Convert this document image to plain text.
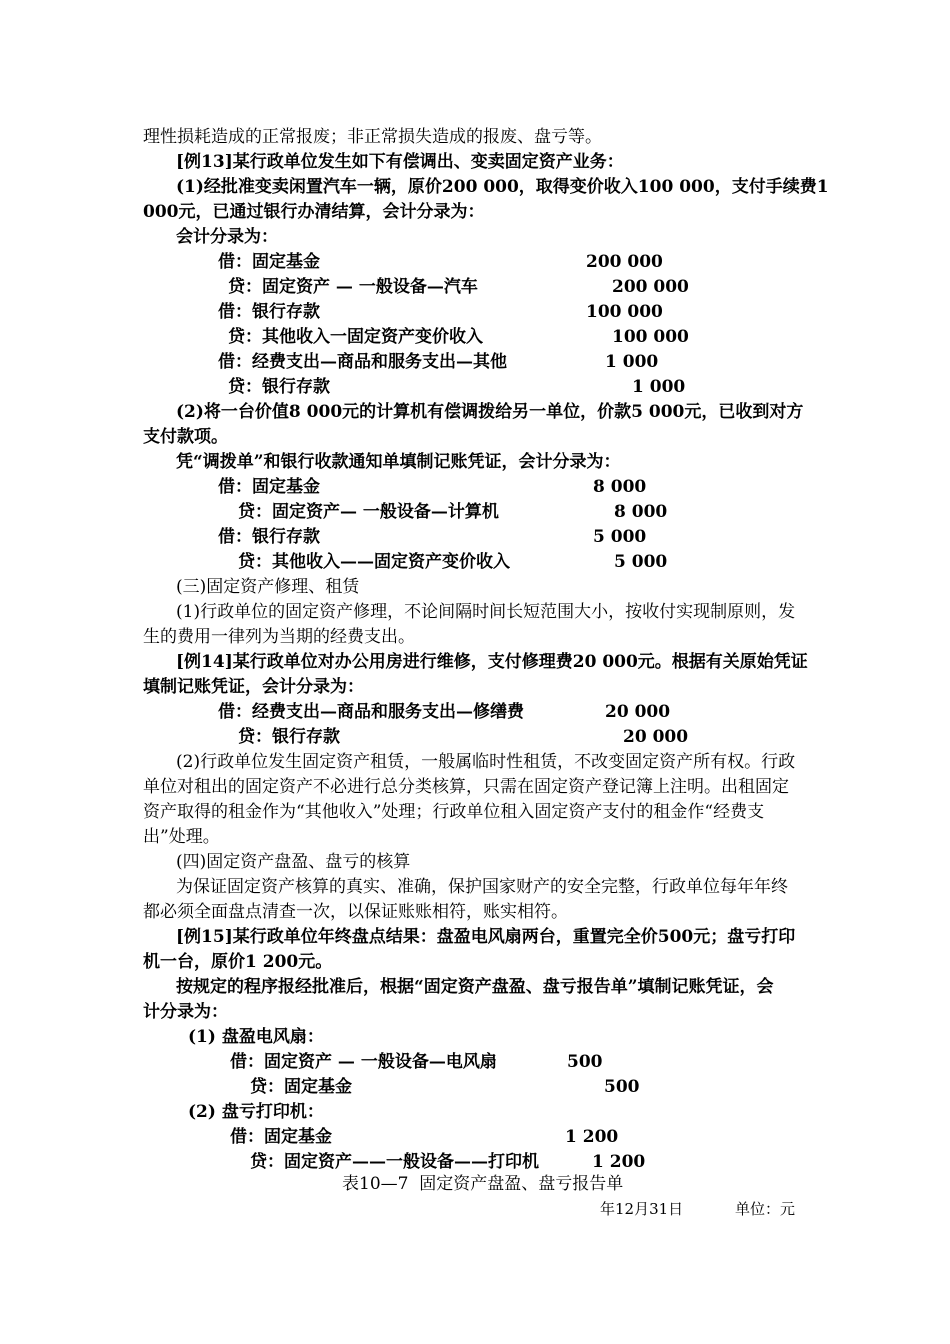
理性损耗造成的正常报废；非正常损失造成的报废、盘亏等。
[例13]某行政单位发生如下有偿调出、变卖固定资产业务：
(1)经批准变卖闲置汽车一辆，原价200 000，取得变价收入100 000，支付手续费1
000元，已通过银行办清结算，会计分录为：
会计分录为：
借：固定基金	200 000
贷：固定资产 — 一般设备—汽车	200 000
借：银行存款	100 000
贷：其他收入一固定资产变价收入	100 000
借：经费支出—商品和服务支出—其他	1 000
贷：银行存款	1 000
(2)将一台价值8 000元的计算机有偿调拨给另一单位，价款5 000元，已收到对方
支付款项。
凭“调拨单”和银行收款通知单填制记账凭证，会计分录为：
借：固定基金	8 000
贷：固定资产— 一般设备—计算机	8 000
借：银行存款	5 000
贷：其他收入——固定资产变价收入	5 000
(三)固定资产修理、租赁
(1)行政单位的固定资产修理，不论间隔时间长短范围大小，按收付实现制原则，发
生的费用一律列为当期的经费支出。
[例14]某行政单位对办公用房进行维修，支付修理费20 000元。根据有关原始凭证
填制记账凭证，会计分录为：
借：经费支出—商品和服务支出—修缮费	20 000
贷：银行存款	20 000
(2)行政单位发生固定资产租赁，一般属临时性租赁，不改变固定资产所有权。行政
单位对租出的固定资产不必进行总分类核算，只需在固定资产登记簿上注明。出租固定
资产取得的租金作为“其他收入”处理；行政单位租入固定资产支付的租金作“经费支
出”处理。
(四)固定资产盘盈、盘亏的核算
为保证固定资产核算的真实、准确，保护国家财产的安全完整，行政单位每年年终
都必须全面盘点清查一次，以保证账账相符，账实相符。
[例15]某行政单位年终盘点结果：盘盈电风扇两台，重置完全价500元；盘亏打印
机一台，原价1 200元。
按规定的程序报经批准后，根据“固定资产盘盈、盘亏报告单”填制记账凭证，会
计分录为：
(1) 盘盈电风扇：
借：固定资产 — 一般设备—电风扇	500
贷：固定基金	500
(2) 盘亏打印机：
借：固定基金	1 200
贷：固定资产——一般设备——打印机	1 200
表10—7  固定资产盘盈、盘亏报告单
年12月31日	单位：元
